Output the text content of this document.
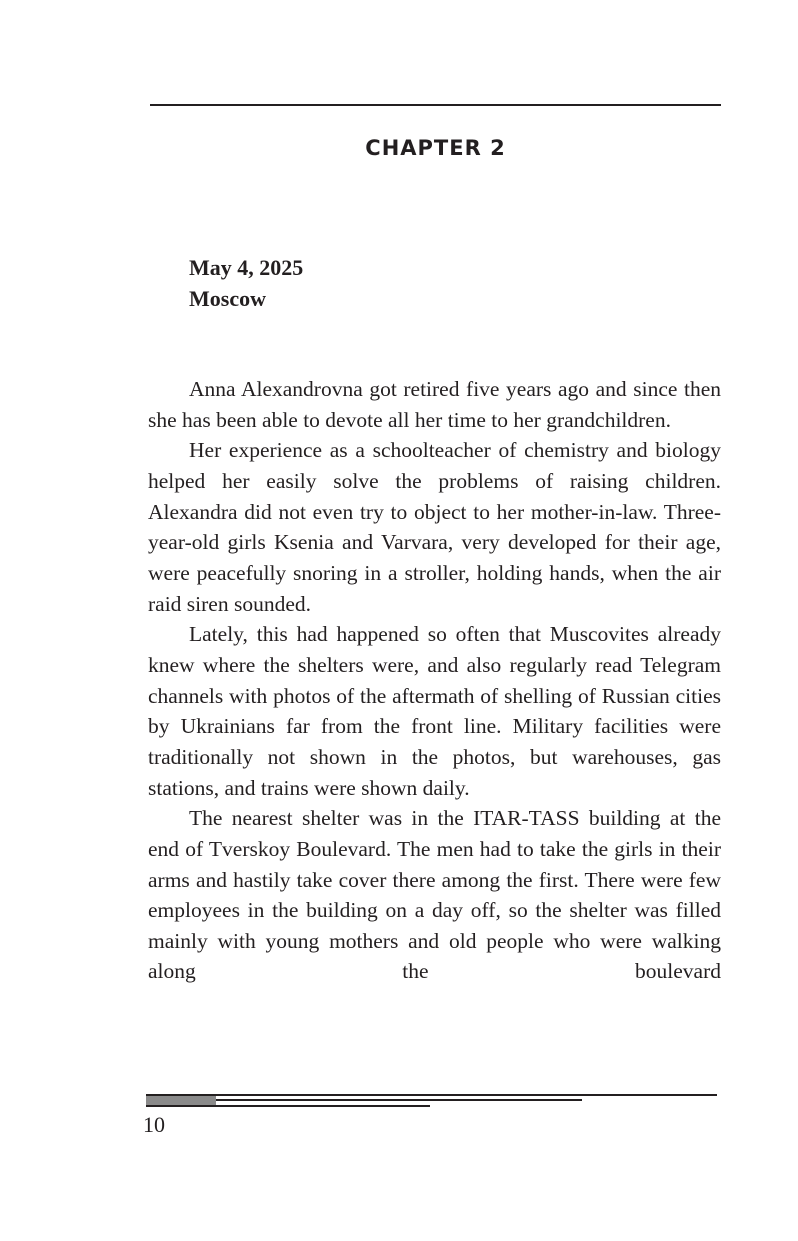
CHAPTER 2
May 4, 2025
Moscow

Anna Alexandrovna got retired five years ago and since then she has been able to devote all her time to her grandchildren.

Her experience as a schoolteacher of chemistry and biology helped her easily solve the problems of raising children. Alexandra did not even try to object to her mother-in-law. Three-year-old girls Ksenia and Varvara, very developed for their age, were peacefully snoring in a stroller, holding hands, when the air raid siren sounded.

Lately, this had happened so often that Muscovites already knew where the shelters were, and also regularly read Telegram channels with photos of the aftermath of shelling of Russian cities by Ukrainians far from the front line. Military facilities were traditionally not shown in the photos, but warehouses, gas stations, and trains were shown daily.

The nearest shelter was in the ITAR-TASS building at the end of Tverskoy Boulevard. The men had to take the girls in their arms and hastily take cover there among the first. There were few employees in the building on a day off, so the shelter was filled mainly with young mothers and old people who were walking along the boulevard

10
